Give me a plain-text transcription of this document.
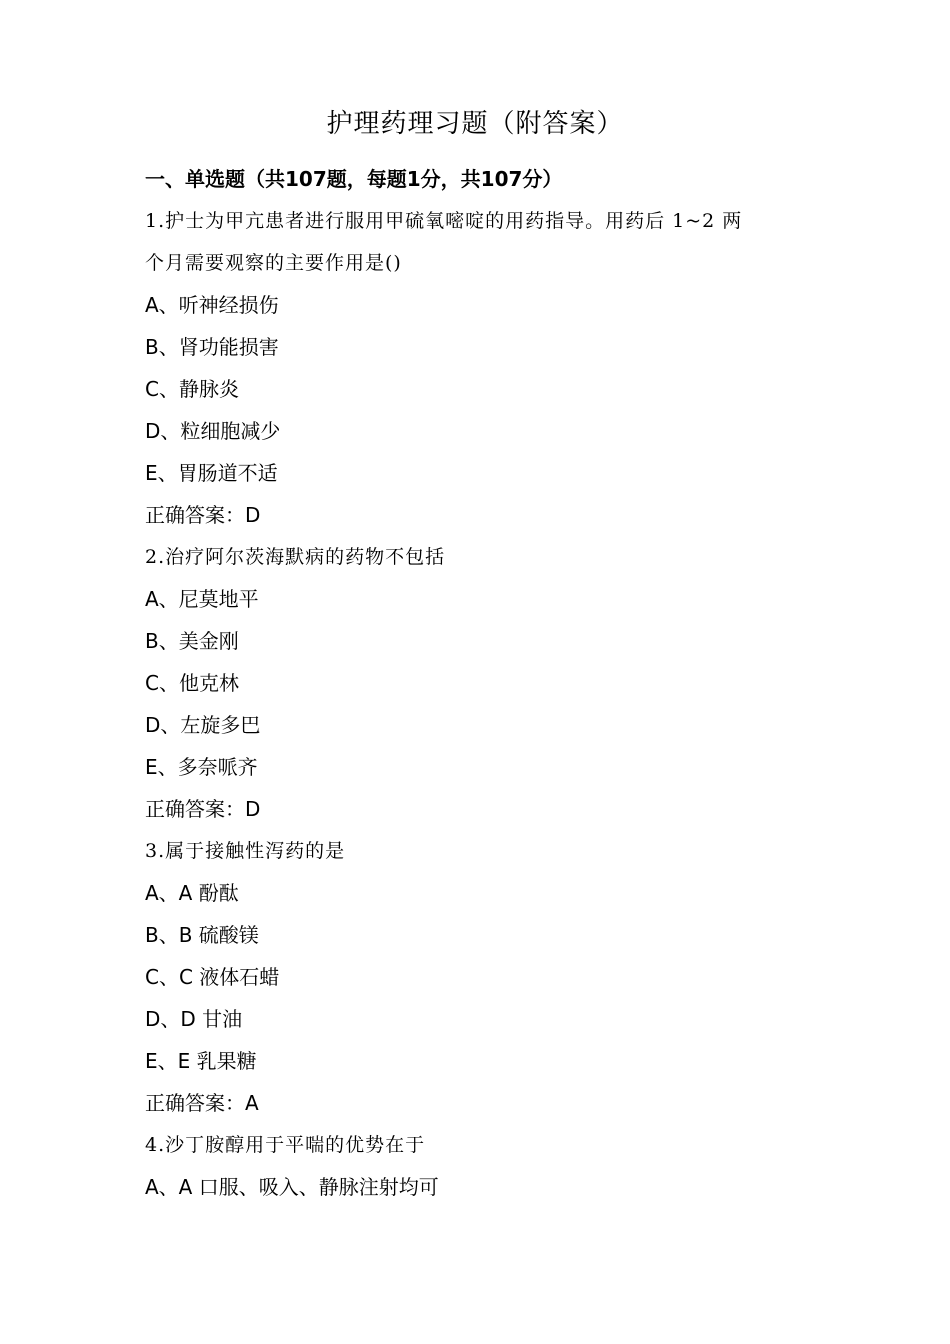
护理药理习题（附答案）
一、单选题（共107题，每题1分，共107分）
1.护士为甲亢患者进行服用甲硫氧嘧啶的用药指导。用药后 1~2 两
个月需要观察的主要作用是()
A、听神经损伤
B、肾功能损害
C、静脉炎
D、粒细胞减少
E、胃肠道不适
正确答案：D
2.治疗阿尔茨海默病的药物不包括
A、尼莫地平
B、美金刚
C、他克林
D、左旋多巴
E、多奈哌齐
正确答案：D
3.属于接触性泻药的是
A、A 酚酞
B、B 硫酸镁
C、C 液体石蜡
D、D 甘油
E、E 乳果糖
正确答案：A
4.沙丁胺醇用于平喘的优势在于
A、A 口服、吸入、静脉注射均可
